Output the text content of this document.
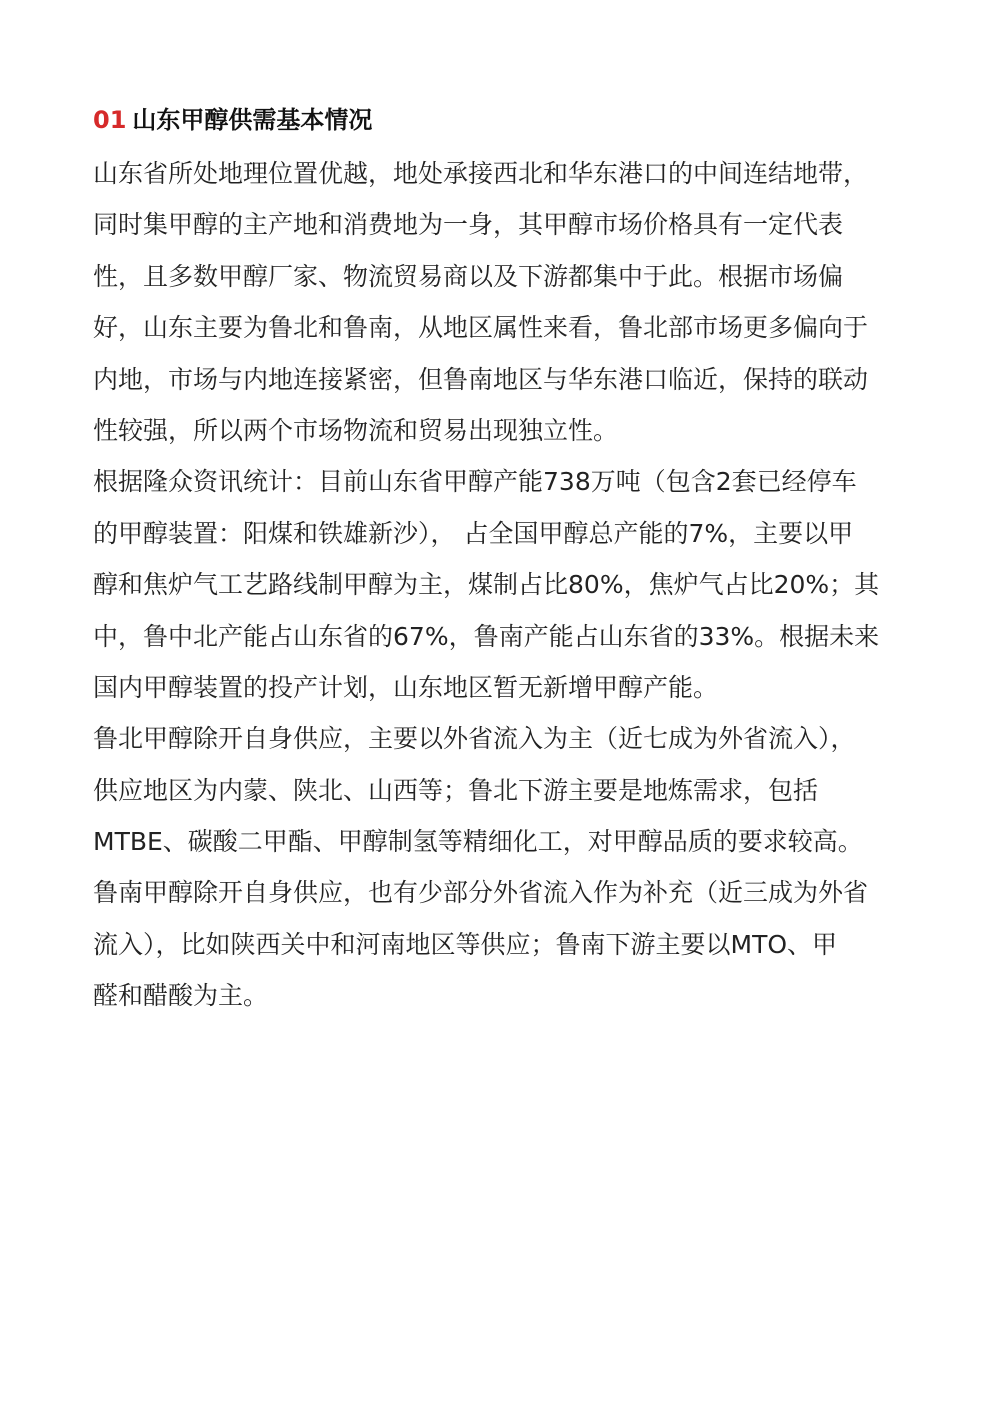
01 山东甲醇供需基本情况
山东省所处地理位置优越，地处承接西北和华东港口的中间连结地带，
同时集甲醇的主产地和消费地为一身，其甲醇市场价格具有一定代表
性，且多数甲醇厂家、物流贸易商以及下游都集中于此。根据市场偏
好，山东主要为鲁北和鲁南，从地区属性来看，鲁北部市场更多偏向于
内地，市场与内地连接紧密，但鲁南地区与华东港口临近，保持的联动
性较强，所以两个市场物流和贸易出现独立性。
根据隆众资讯统计：目前山东省甲醇产能738万吨（包含2套已经停车
的甲醇装置：阳煤和铁雄新沙）， 占全国甲醇总产能的7%，主要以甲
醇和焦炉气工艺路线制甲醇为主，煤制占比80%，焦炉气占比20%；其
中，鲁中北产能占山东省的67%，鲁南产能占山东省的33%。根据未来
国内甲醇装置的投产计划，山东地区暂无新增甲醇产能。
鲁北甲醇除开自身供应，主要以外省流入为主（近七成为外省流入），
供应地区为内蒙、陕北、山西等；鲁北下游主要是地炼需求，包括
MTBE、碳酸二甲酯、甲醇制氢等精细化工，对甲醇品质的要求较高。
鲁南甲醇除开自身供应，也有少部分外省流入作为补充（近三成为外省
流入），比如陕西关中和河南地区等供应；鲁南下游主要以MTO、甲
醛和醋酸为主。
